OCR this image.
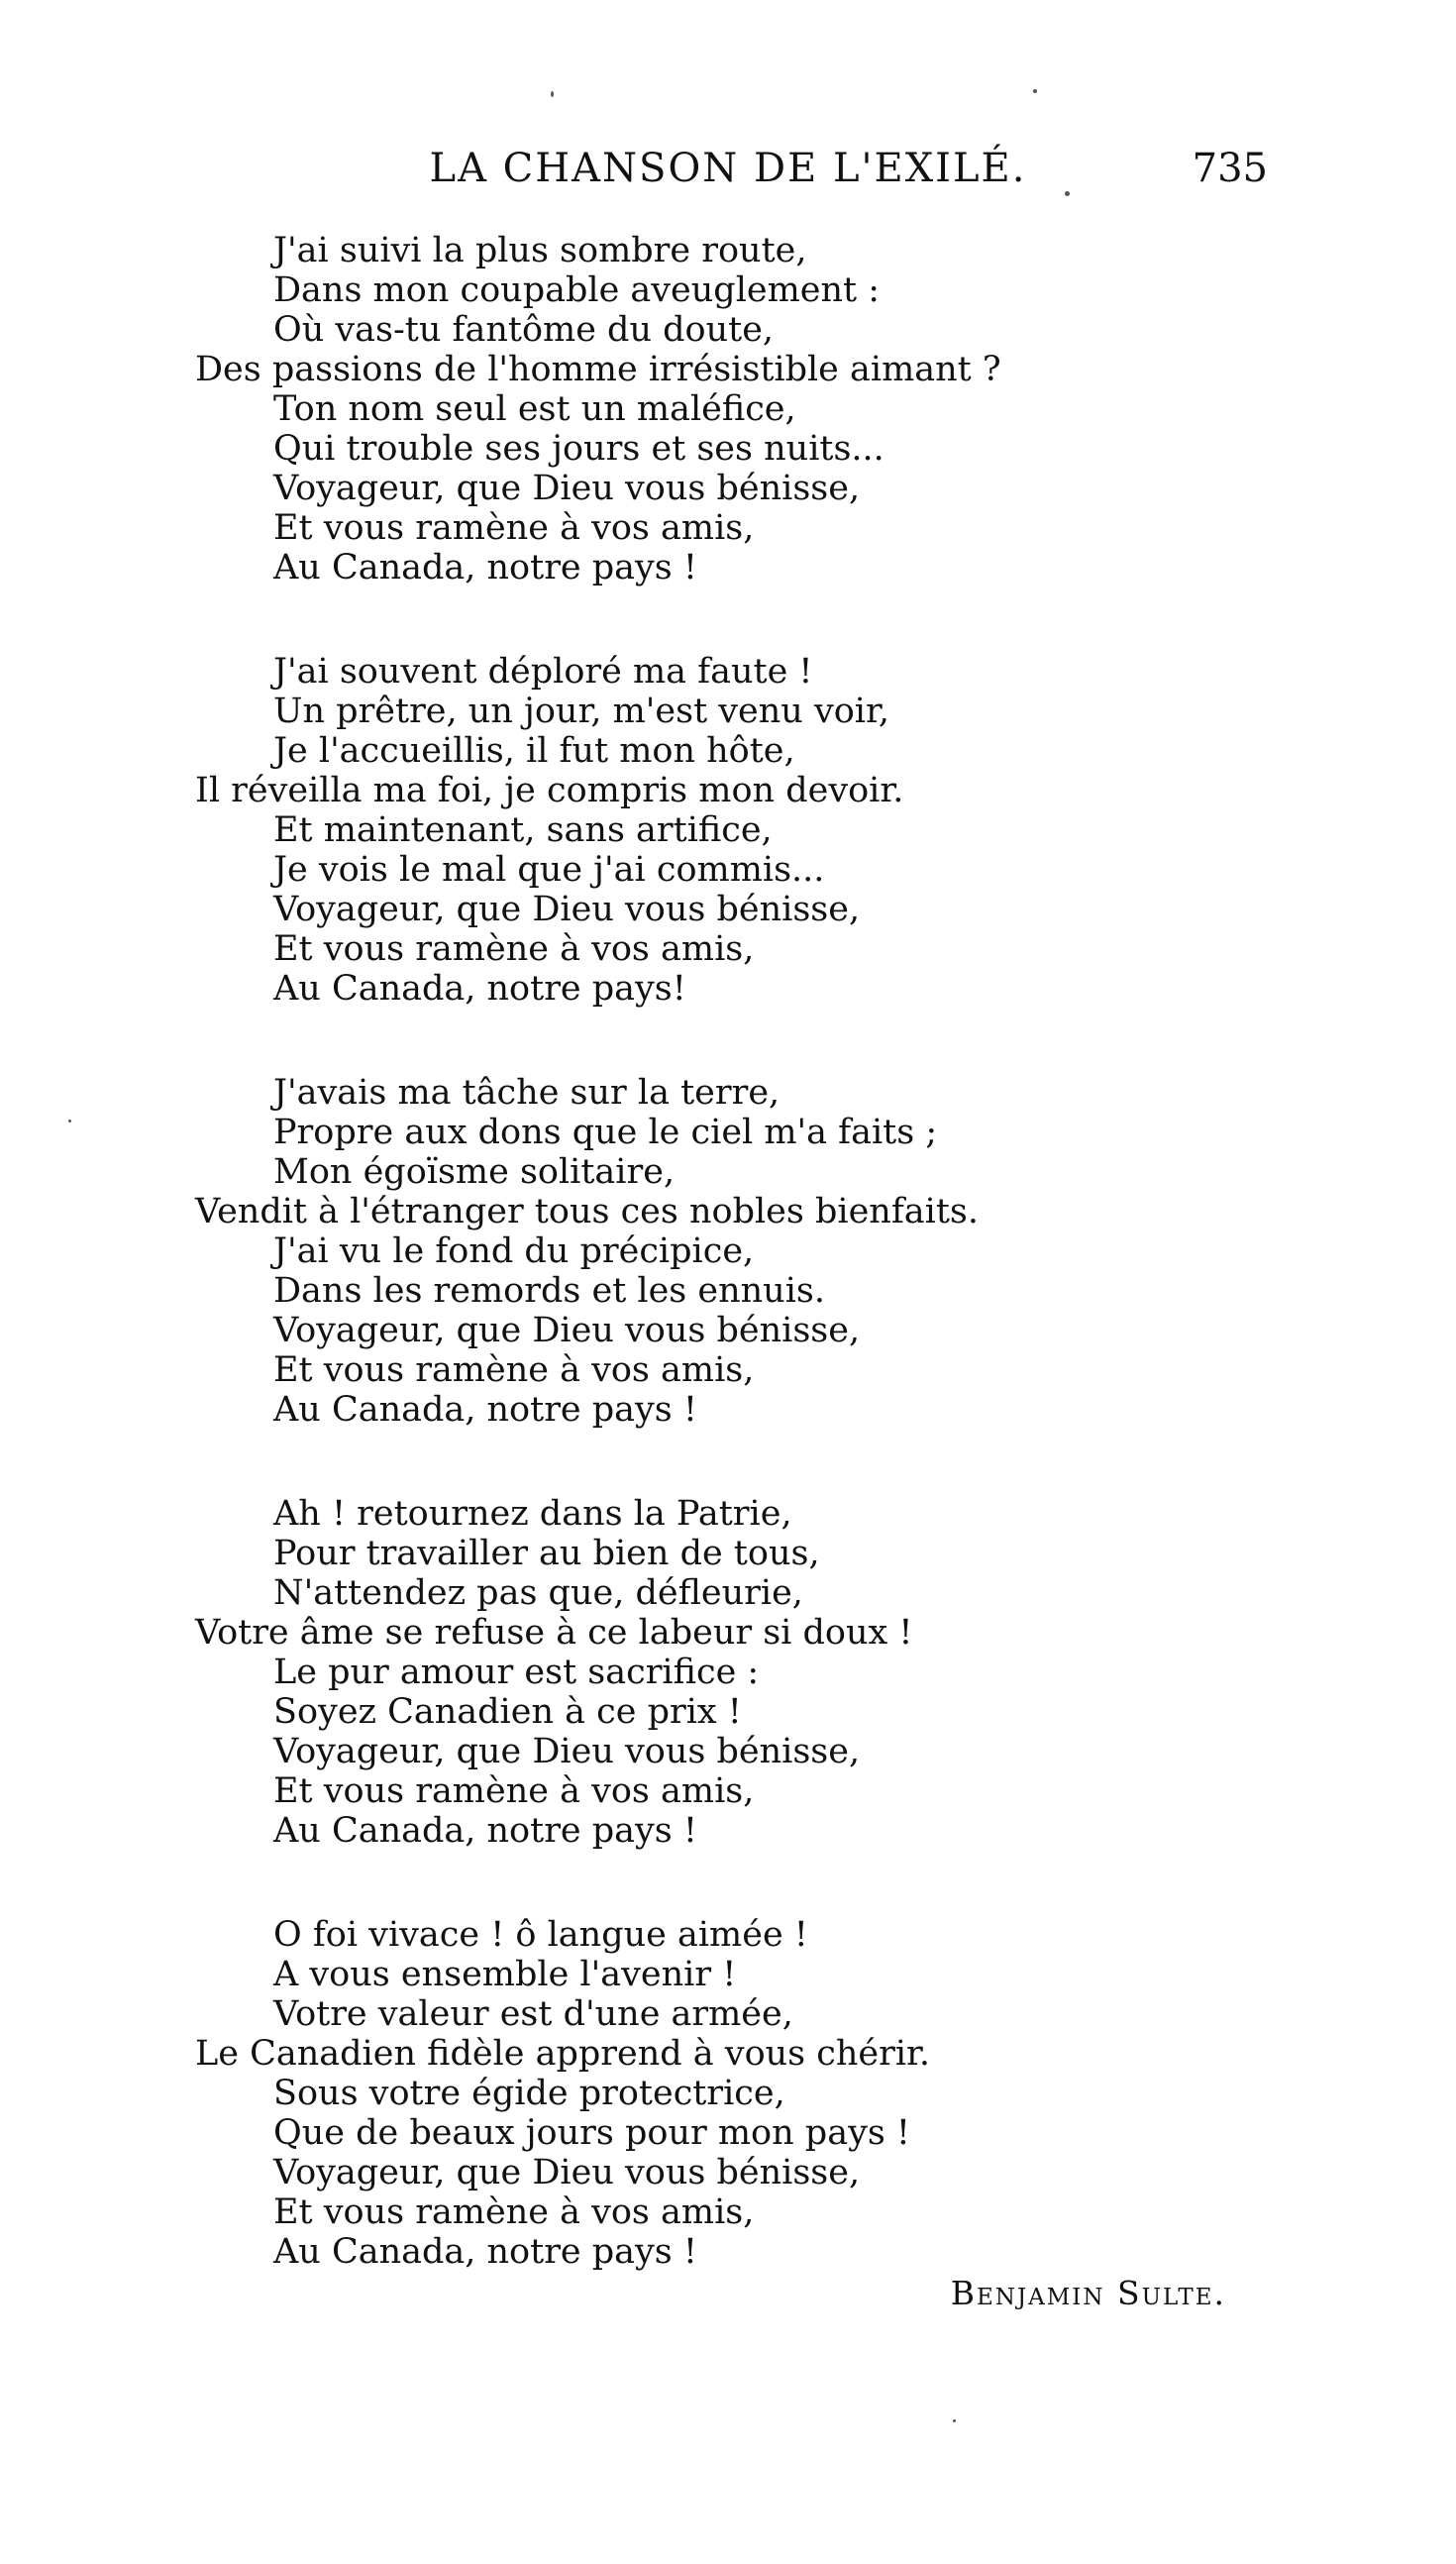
LA CHANSON DE L'EXILÉ.	735
J'ai suivi la plus sombre route,
Dans mon coupable aveuglement :
Où vas-tu fantôme du doute,
Des passions de l'homme irrésistible aimant ?
Ton nom seul est un maléfice,
Qui trouble ses jours et ses nuits...
Voyageur, que Dieu vous bénisse,
Et vous ramène à vos amis,
Au Canada, notre pays !
J'ai souvent déploré ma faute !
Un prêtre, un jour, m'est venu voir,
Je l'accueillis, il fut mon hôte,
Il réveilla ma foi, je compris mon devoir.
Et maintenant, sans artifice,
Je vois le mal que j'ai commis...
Voyageur, que Dieu vous bénisse,
Et vous ramène à vos amis,
Au Canada, notre pays!
J'avais ma tâche sur la terre,
Propre aux dons que le ciel m'a faits ;
Mon égoïsme solitaire,
Vendit à l'étranger tous ces nobles bienfaits.
J'ai vu le fond du précipice,
Dans les remords et les ennuis.
Voyageur, que Dieu vous bénisse,
Et vous ramène à vos amis,
Au Canada, notre pays !
Ah ! retournez dans la Patrie,
Pour travailler au bien de tous,
N'attendez pas que, défleurie,
Votre âme se refuse à ce labeur si doux !
Le pur amour est sacrifice :
Soyez Canadien à ce prix !
Voyageur, que Dieu vous bénisse,
Et vous ramène à vos amis,
Au Canada, notre pays !
O foi vivace ! ô langue aimée !
A vous ensemble l'avenir !
Votre valeur est d'une armée,
Le Canadien fidèle apprend à vous chérir.
Sous votre égide protectrice,
Que de beaux jours pour mon pays !
Voyageur, que Dieu vous bénisse,
Et vous ramène à vos amis,
Au Canada, notre pays !
Benjamin Sulte.
